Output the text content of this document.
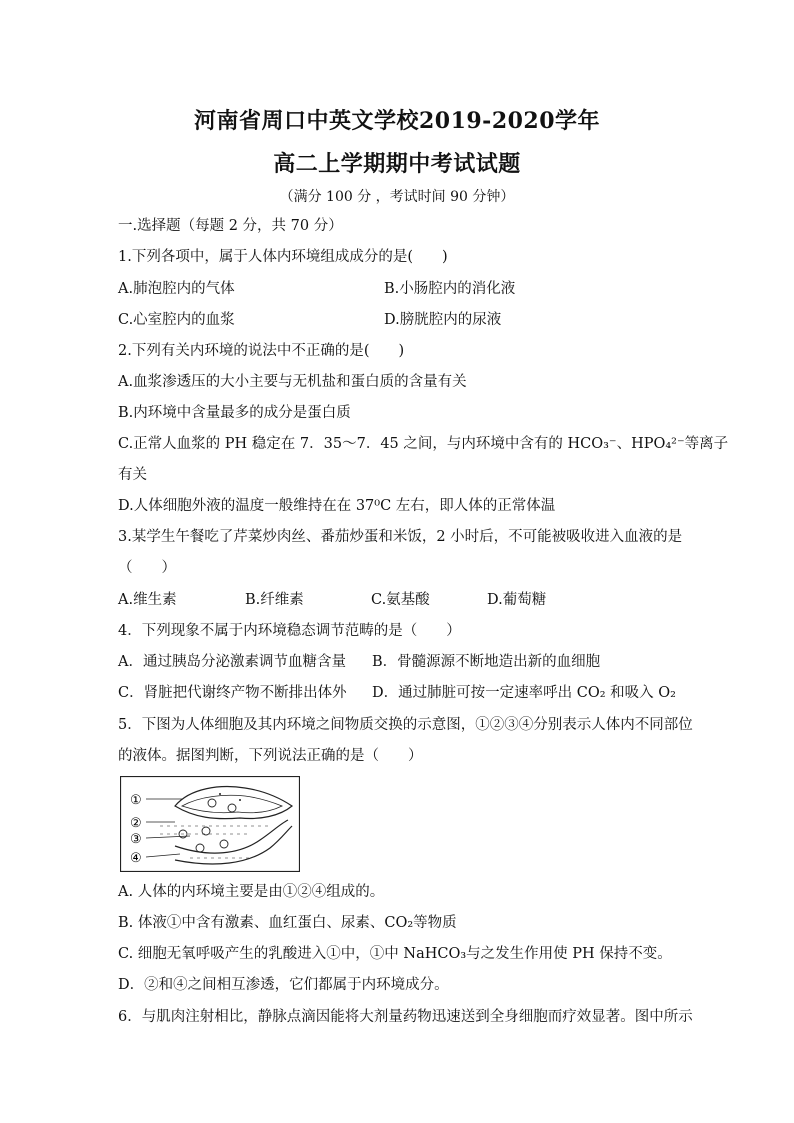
河南省周口中英文学校2019-2020学年
高二上学期期中考试试题
（满分 100 分 ，考试时间 90 分钟）
一.选择题（每题 2 分，共 70 分）
1.下列各项中，属于人体内环境组成成分的是(　　)
A.肺泡腔内的气体	B.小肠腔内的消化液
C.心室腔内的血浆	D.膀胱腔内的尿液
2.下列有关内环境的说法中不正确的是(　　)
A.血浆渗透压的大小主要与无机盐和蛋白质的含量有关
B.内环境中含量最多的成分是蛋白质
C.正常人血浆的 PH 稳定在 7．35～7．45 之间，与内环境中含有的 HCO₃⁻、HPO₄²⁻等离子
有关
D.人体细胞外液的温度一般维持在在 37⁰C 左右，即人体的正常体温
3.某学生午餐吃了芹菜炒肉丝、番茄炒蛋和米饭，2 小时后，不可能被吸收进入血液的是
（　　）
A.维生素	B.纤维素	C.氨基酸	D.葡萄糖
4．下列现象不属于内环境稳态调节范畴的是（　　）
A．通过胰岛分泌激素调节血糖含量 B．骨髓源源不断地造出新的血细胞
C．肾脏把代谢终产物不断排出体外 D．通过肺脏可按一定速率呼出 CO₂ 和吸入 O₂
5．下图为人体细胞及其内环境之间物质交换的示意图，①②③④分别表示人体内不同部位
的液体。据图判断，下列说法正确的是（　　）
①
②
③
④
A. 人体的内环境主要是由①②④组成的。
B. 体液①中含有激素、血红蛋白、尿素、CO₂等物质
C. 细胞无氧呼吸产生的乳酸进入①中，①中 NaHCO₃与之发生作用使 PH 保持不变。
D．②和④之间相互渗透，它们都属于内环境成分。
6．与肌肉注射相比，静脉点滴因能将大剂量药物迅速送到全身细胞而疗效显著。图中所示
